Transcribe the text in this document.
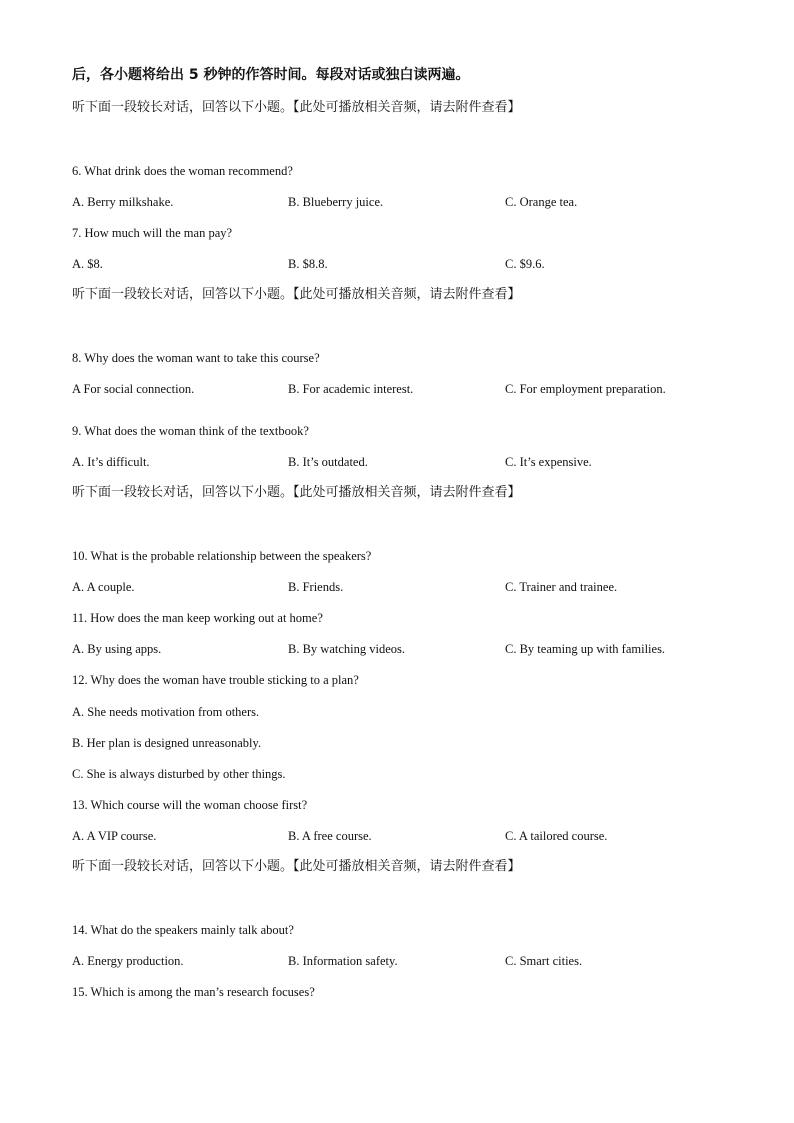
后，各小题将给出 5 秒钟的作答时间。每段对话或独白读两遍。
听下面一段较长对话，回答以下小题。【此处可播放相关音频，请去附件查看】
6. What drink does the woman recommend?
A. Berry milkshake.	B. Blueberry juice.	C. Orange tea.
7. How much will the man pay?
A. $8.	B. $8.8.	C. $9.6.
听下面一段较长对话，回答以下小题。【此处可播放相关音频，请去附件查看】
8. Why does the woman want to take this course?
A For social connection.	B. For academic interest.	C. For employment preparation.
9. What does the woman think of the textbook?
A. It’s difficult.	B. It’s outdated.	C. It’s expensive.
听下面一段较长对话，回答以下小题。【此处可播放相关音频，请去附件查看】
10. What is the probable relationship between the speakers?
A. A couple.	B. Friends.	C. Trainer and trainee.
11. How does the man keep working out at home?
A. By using apps.	B. By watching videos.	C. By teaming up with families.
12. Why does the woman have trouble sticking to a plan?
A. She needs motivation from others.
B. Her plan is designed unreasonably.
C. She is always disturbed by other things.
13. Which course will the woman choose first?
A. A VIP course.	B. A free course.	C. A tailored course.
听下面一段较长对话，回答以下小题。【此处可播放相关音频，请去附件查看】
14. What do the speakers mainly talk about?
A. Energy production.	B. Information safety.	C. Smart cities.
15. Which is among the man’s research focuses?
